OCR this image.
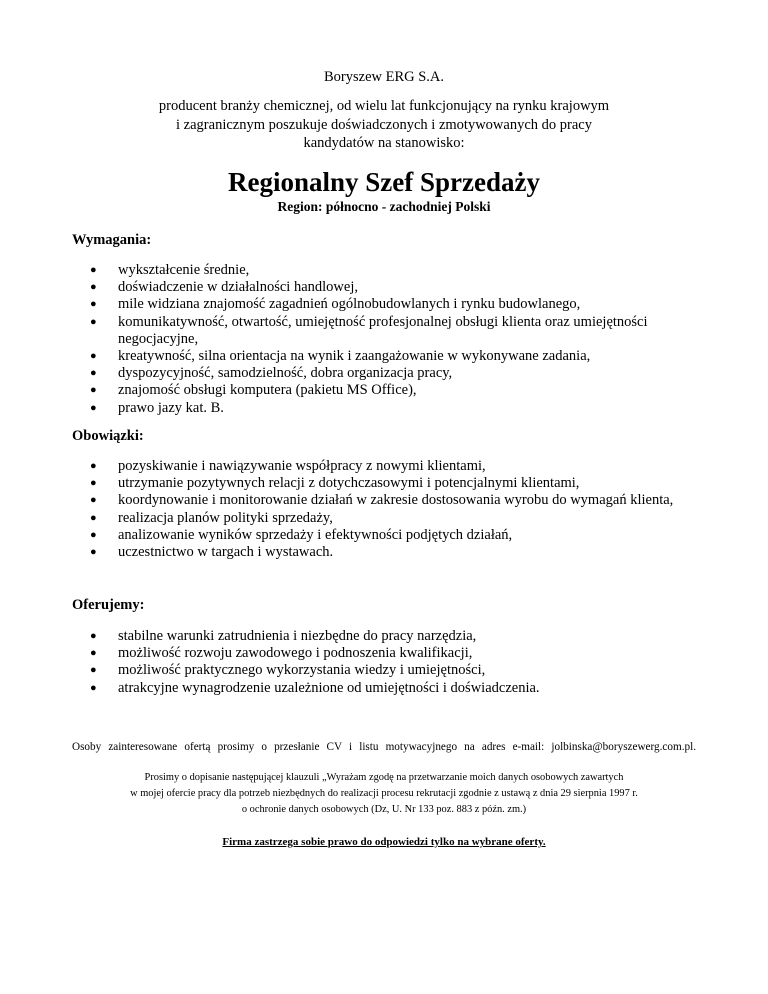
Boryszew ERG S.A.
producent branży chemicznej, od wielu lat funkcjonujący na rynku krajowym
i zagranicznym poszukuje doświadczonych i zmotywowanych do pracy
kandydatów na stanowisko:
Regionalny Szef Sprzedaży
Region: północno - zachodniej Polski
Wymagania:
● wykształcenie średnie,
● doświadczenie w działalności handlowej,
● mile widziana znajomość zagadnień ogólnobudowlanych i rynku budowlanego,
● komunikatywność, otwartość, umiejętność profesjonalnej obsługi klienta oraz umiejętności negocjacyjne,
● kreatywność, silna orientacja na wynik i zaangażowanie w wykonywane zadania,
● dyspozycyjność, samodzielność, dobra organizacja pracy,
● znajomość obsługi komputera (pakietu MS Office),
● prawo jazy kat. B.
Obowiązki:
● pozyskiwanie i nawiązywanie współpracy z nowymi klientami,
● utrzymanie pozytywnych relacji z dotychczasowymi i potencjalnymi klientami,
● koordynowanie i monitorowanie działań w zakresie dostosowania wyrobu do wymagań klienta,
● realizacja planów polityki sprzedaży,
● analizowanie wyników sprzedaży i efektywności podjętych działań,
● uczestnictwo w targach i wystawach.
Oferujemy:
● stabilne warunki zatrudnienia i niezbędne do pracy narzędzia,
● możliwość rozwoju zawodowego i podnoszenia kwalifikacji,
● możliwość praktycznego wykorzystania wiedzy i umiejętności,
● atrakcyjne wynagrodzenie uzależnione od umiejętności i doświadczenia.
Osoby zainteresowane ofertą prosimy o przesłanie CV i listu motywacyjnego na adres e-mail: jolbinska@boryszewerg.com.pl.
Prosimy o dopisanie następującej klauzuli „Wyrażam zgodę na przetwarzanie moich danych osobowych zawartych
w mojej ofercie pracy dla potrzeb niezbędnych do realizacji procesu rekrutacji zgodnie z ustawą z dnia 29 sierpnia 1997 r.
o ochronie danych osobowych (Dz, U. Nr 133 poz. 883 z późn. zm.)
Firma zastrzega sobie prawo do odpowiedzi tylko na wybrane oferty.
